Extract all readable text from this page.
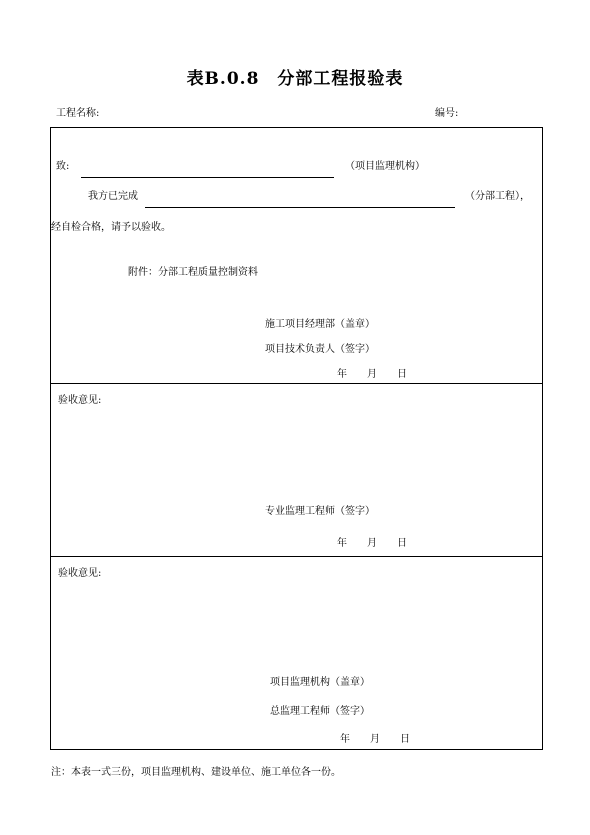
表B.0.8　分部工程报验表
工程名称:	编号:
致:	（项目监理机构）
我方已完成	（分部工程），
经自检合格，请予以验收。
附件：分部工程质量控制资料
施工项目经理部（盖章）
项目技术负责人（签字）
年 月 日
验收意见:
专业监理工程师（签字）
年 月 日
验收意见:
项目监理机构（盖章）
总监理工程师（签字）
年 月 日
注：本表一式三份，项目监理机构、建设单位、施工单位各一份。
